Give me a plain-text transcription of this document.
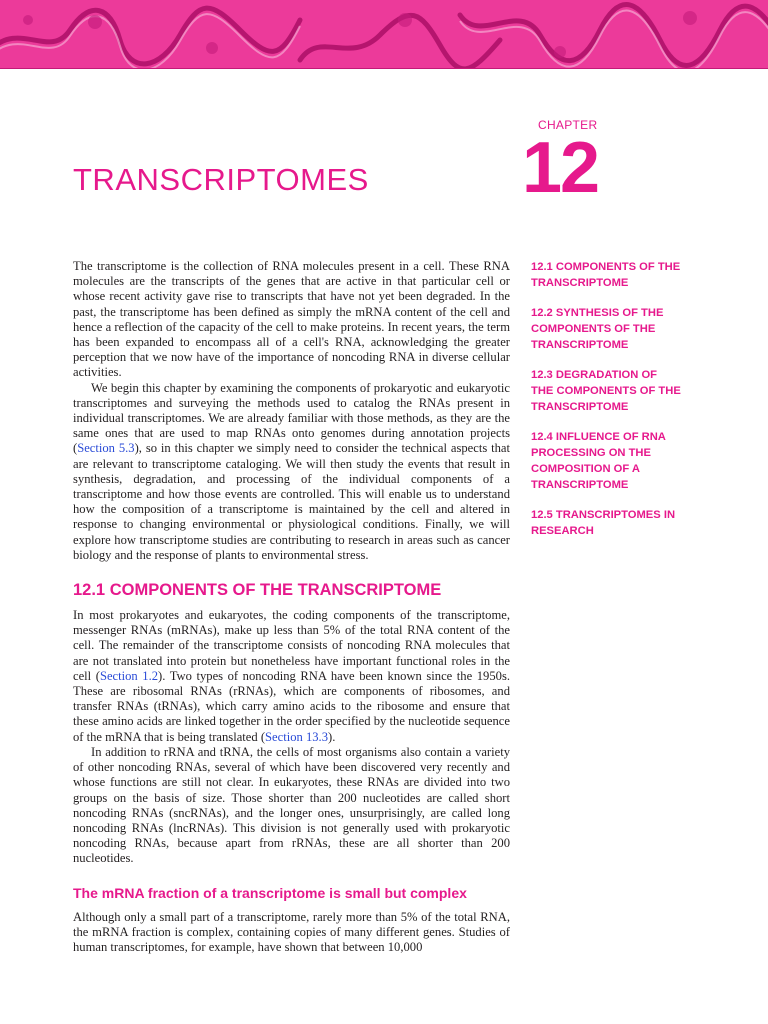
CHAPTER
12
TRANSCRIPTOMES
12.1 COMPONENTS OF THE TRANSCRIPTOME
12.2 SYNTHESIS OF THE COMPONENTS OF THE TRANSCRIPTOME
12.3 DEGRADATION OF THE COMPONENTS OF THE TRANSCRIPTOME
12.4 INFLUENCE OF RNA PROCESSING ON THE COMPOSITION OF A TRANSCRIPTOME
12.5 TRANSCRIPTOMES IN RESEARCH

The transcriptome is the collection of RNA molecules present in a cell. These RNA molecules are the transcripts of the genes that are active in that particular cell or whose recent activity gave rise to transcripts that have not yet been degraded. In the past, the transcriptome has been defined as simply the mRNA content of the cell and hence a reflection of the capacity of the cell to make proteins. In recent years, the term has been expanded to encompass all of a cell's RNA, acknowledging the greater perception that we now have of the importance of noncoding RNA in diverse cellular activities.

We begin this chapter by examining the components of prokaryotic and eukaryotic transcriptomes and surveying the methods used to catalog the RNAs present in individual transcriptomes. We are already familiar with those methods, as they are the same ones that are used to map RNAs onto genomes during annotation projects (Section 5.3), so in this chapter we simply need to consider the technical aspects that are relevant to transcriptome cataloging. We will then study the events that result in synthesis, degradation, and processing of the individual components of a transcriptome and how those events are controlled. This will enable us to understand how the composition of a transcriptome is maintained by the cell and altered in response to changing environmental or physiological conditions. Finally, we will explore how transcriptome studies are contributing to research in areas such as cancer biology and the response of plants to environmental stress.

12.1 COMPONENTS OF THE TRANSCRIPTOME

In most prokaryotes and eukaryotes, the coding components of the transcriptome, messenger RNAs (mRNAs), make up less than 5% of the total RNA content of the cell. The remainder of the transcriptome consists of noncoding RNA molecules that are not translated into protein but nonetheless have important functional roles in the cell (Section 1.2). Two types of noncoding RNA have been known since the 1950s. These are ribosomal RNAs (rRNAs), which are components of ribosomes, and transfer RNAs (tRNAs), which carry amino acids to the ribosome and ensure that these amino acids are linked together in the order specified by the nucleotide sequence of the mRNA that is being translated (Section 13.3).

In addition to rRNA and tRNA, the cells of most organisms also contain a variety of other noncoding RNAs, several of which have been discovered very recently and whose functions are still not clear. In eukaryotes, these RNAs are divided into two groups on the basis of size. Those shorter than 200 nucleotides are called short noncoding RNAs (sncRNAs), and the longer ones, unsurprisingly, are called long noncoding RNAs (lncRNAs). This division is not generally used with prokaryotic noncoding RNAs, because apart from rRNAs, these are all shorter than 200 nucleotides.

The mRNA fraction of a transcriptome is small but complex

Although only a small part of a transcriptome, rarely more than 5% of the total RNA, the mRNA fraction is complex, containing copies of many different genes. Studies of human transcriptomes, for example, have shown that between 10,000
